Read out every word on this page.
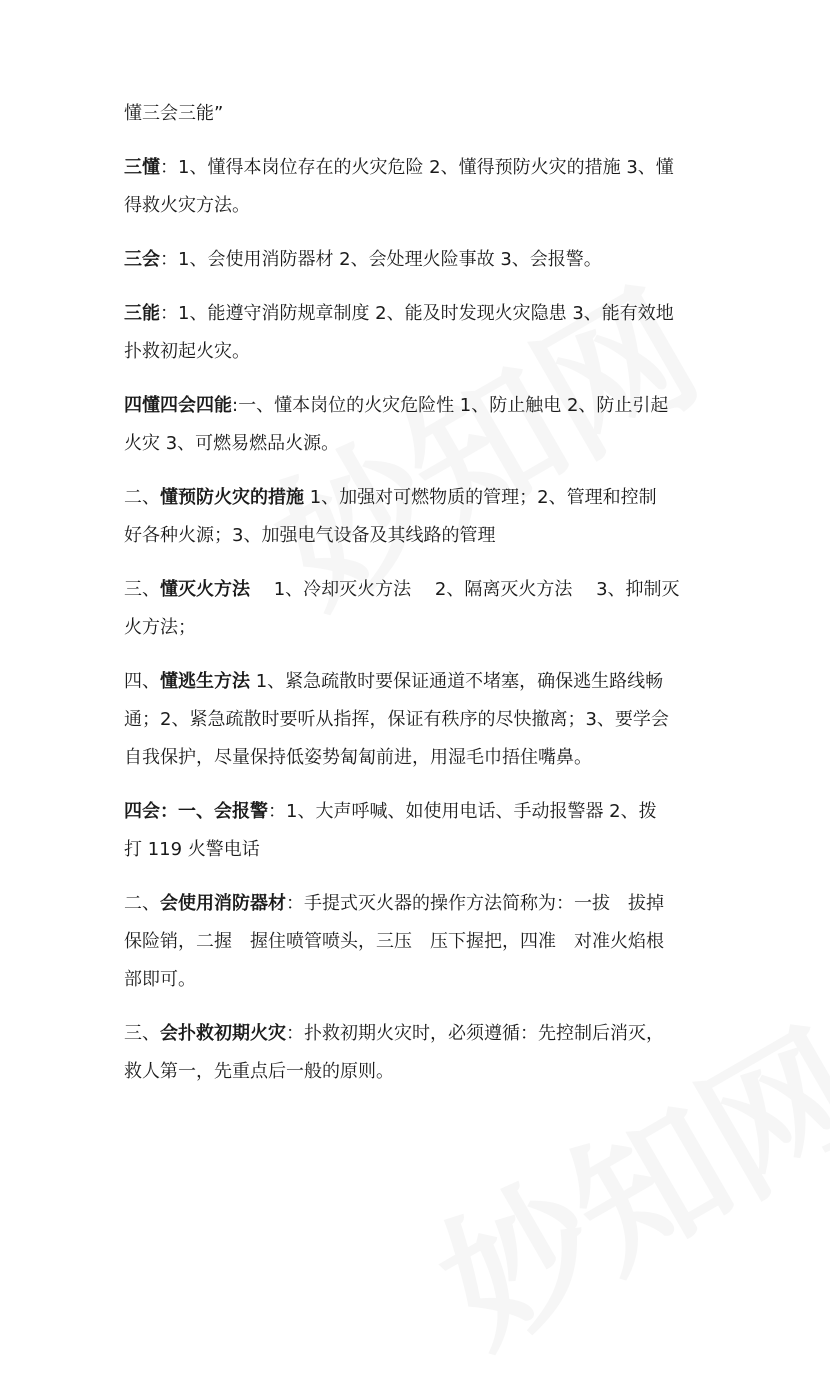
懂三会三能”
三懂：1、懂得本岗位存在的火灾危险 2、懂得预防火灾的措施 3、懂
得救火灾方法。
三会：1、会使用消防器材 2、会处理火险事故 3、会报警。
三能：1、能遵守消防规章制度 2、能及时发现火灾隐患 3、能有效地
扑救初起火灾。
四懂四会四能:一、懂本岗位的火灾危险性 1、防止触电 2、防止引起
火灾 3、可燃易燃品火源。
二、懂预防火灾的措施 1、加强对可燃物质的管理；2、管理和控制
好各种火源；3、加强电气设备及其线路的管理
三、懂灭火方法　 1、冷却灭火方法　 2、隔离灭火方法　 3、抑制灭
火方法；
四、懂逃生方法 1、紧急疏散时要保证通道不堵塞，确保逃生路线畅
通；2、紧急疏散时要听从指挥，保证有秩序的尽快撤离；3、要学会
自我保护，尽量保持低姿势匐匐前进，用湿毛巾捂住嘴鼻。
四会：一、会报警：1、大声呼喊、如使用电话、手动报警器 2、拨
打 119 火警电话
二、会使用消防器材：手提式灭火器的操作方法简称为：一拔　拔掉
保险销，二握　握住喷管喷头，三压　压下握把，四准　对准火焰根
部即可。
三、会扑救初期火灾：扑救初期火灾时，必须遵循：先控制后消灭，
救人第一，先重点后一般的原则。
